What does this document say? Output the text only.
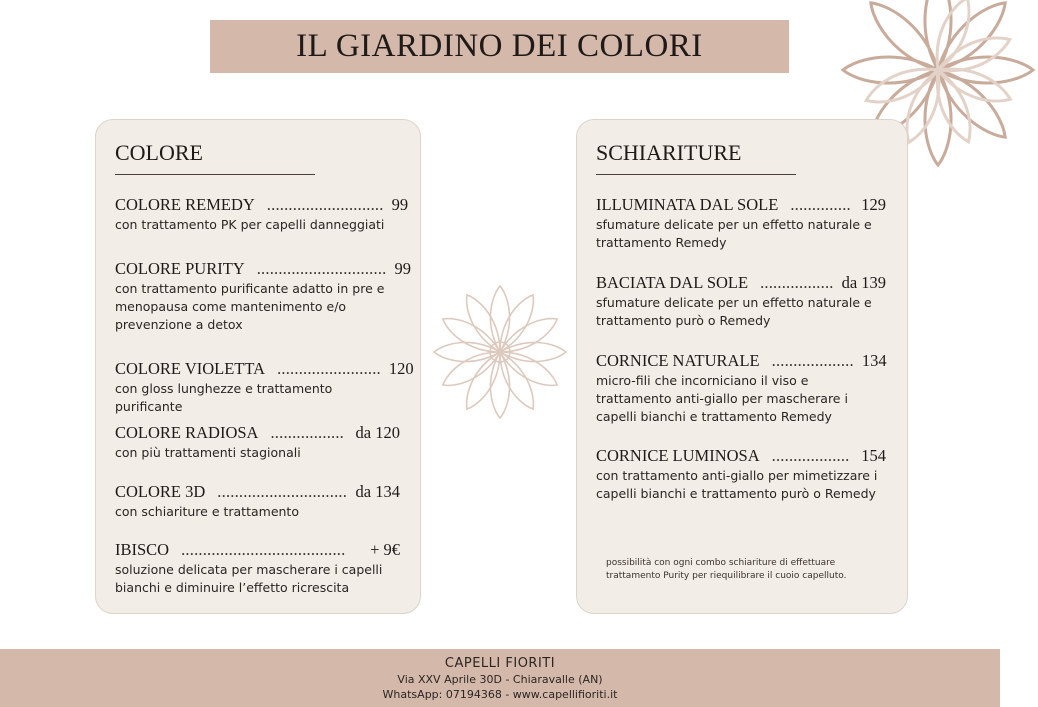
IL GIARDINO DEI COLORI
COLORE
COLORE REMEDY ........................... 99
con trattamento PK per capelli danneggiati
COLORE PURITY .............................. 99
con trattamento purificante adatto in pre e menopausa come mantenimento e/o prevenzione a detox
COLORE VIOLETTA ........................ 120
con gloss lunghezze e trattamento purificante
COLORE RADIOSA ................. da 120
con più trattamenti stagionali
COLORE 3D .............................. da 134
con schiariture e trattamento
IBISCO ......................................	+ 9€
soluzione delicata per mascherare i capelli bianchi e diminuire l’effetto ricrescita
SCHIARITURE
ILLUMINATA DAL SOLE .............. 129
sfumature delicate per un effetto naturale e trattamento Remedy
BACIATA DAL SOLE ................. da 139
sfumature delicate per un effetto naturale e trattamento purò o Remedy
CORNICE NATURALE ................... 134
micro-fili che incorniciano il viso e trattamento anti-giallo per mascherare i capelli bianchi e trattamento Remedy
CORNICE LUMINOSA .................. 154
con trattamento anti-giallo per mimetizzare i capelli bianchi e trattamento purò o Remedy
possibilità con ogni combo schiariture di effettuare trattamento Purity per riequilibrare il cuoio capelluto.
CAPELLI FIORITI
Via XXV Aprile 30D - Chiaravalle (AN)
WhatsApp: 07194368 - www.capellifioriti.it
